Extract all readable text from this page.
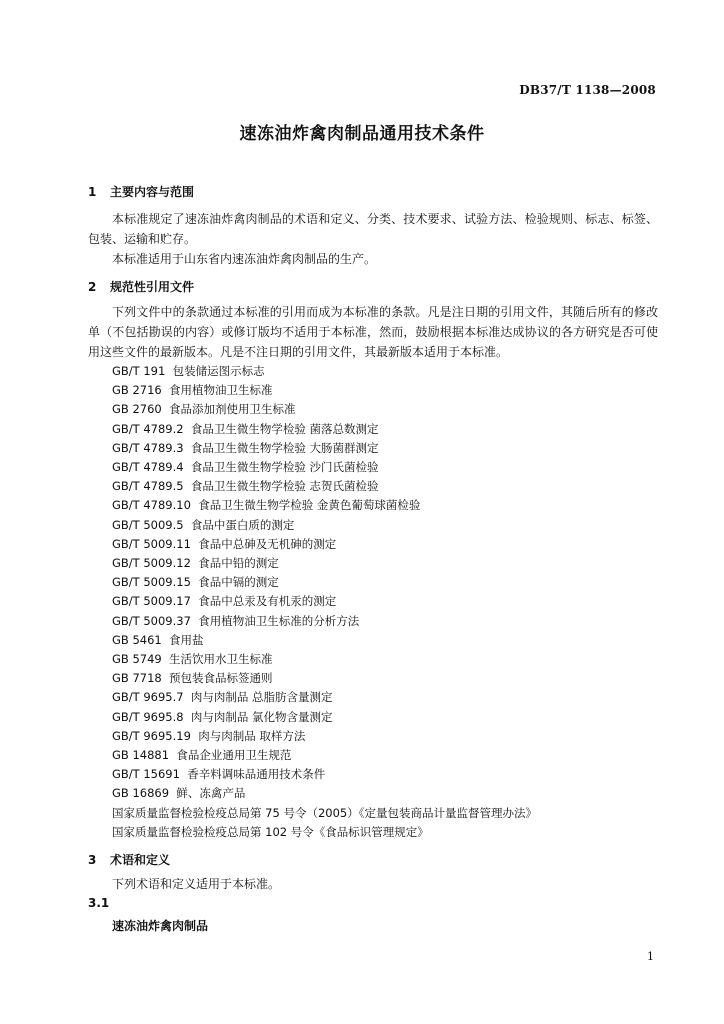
DB37/T 1138—2008
速冻油炸禽肉制品通用技术条件
1 主要内容与范围
本标准规定了速冻油炸禽肉制品的术语和定义、分类、技术要求、试验方法、检验规则、标志、标签、包装、运输和贮存。
本标准适用于山东省内速冻油炸禽肉制品的生产。
2 规范性引用文件
下列文件中的条款通过本标准的引用而成为本标准的条款。凡是注日期的引用文件，其随后所有的修改单（不包括勘误的内容）或修订版均不适用于本标准，然而，鼓励根据本标准达成协议的各方研究是否可使用这些文件的最新版本。凡是不注日期的引用文件，其最新版本适用于本标准。
GB/T 191  包装储运图示标志
GB 2716  食用植物油卫生标准
GB 2760  食品添加剂使用卫生标准
GB/T 4789.2  食品卫生微生物学检验 菌落总数测定
GB/T 4789.3  食品卫生微生物学检验 大肠菌群测定
GB/T 4789.4  食品卫生微生物学检验 沙门氏菌检验
GB/T 4789.5  食品卫生微生物学检验 志贺氏菌检验
GB/T 4789.10  食品卫生微生物学检验 金黄色葡萄球菌检验
GB/T 5009.5  食品中蛋白质的测定
GB/T 5009.11  食品中总砷及无机砷的测定
GB/T 5009.12  食品中铅的测定
GB/T 5009.15  食品中镉的测定
GB/T 5009.17  食品中总汞及有机汞的测定
GB/T 5009.37  食用植物油卫生标准的分析方法
GB 5461  食用盐
GB 5749  生活饮用水卫生标准
GB 7718  预包装食品标签通则
GB/T 9695.7  肉与肉制品 总脂肪含量测定
GB/T 9695.8  肉与肉制品 氯化物含量测定
GB/T 9695.19  肉与肉制品 取样方法
GB 14881  食品企业通用卫生规范
GB/T 15691  香辛料调味品通用技术条件
GB 16869  鲜、冻禽产品
国家质量监督检验检疫总局第 75 号令（2005）《定量包装商品计量监督管理办法》
国家质量监督检验检疫总局第 102 号令《食品标识管理规定》
3 术语和定义
下列术语和定义适用于本标准。
3.1
速冻油炸禽肉制品
1
